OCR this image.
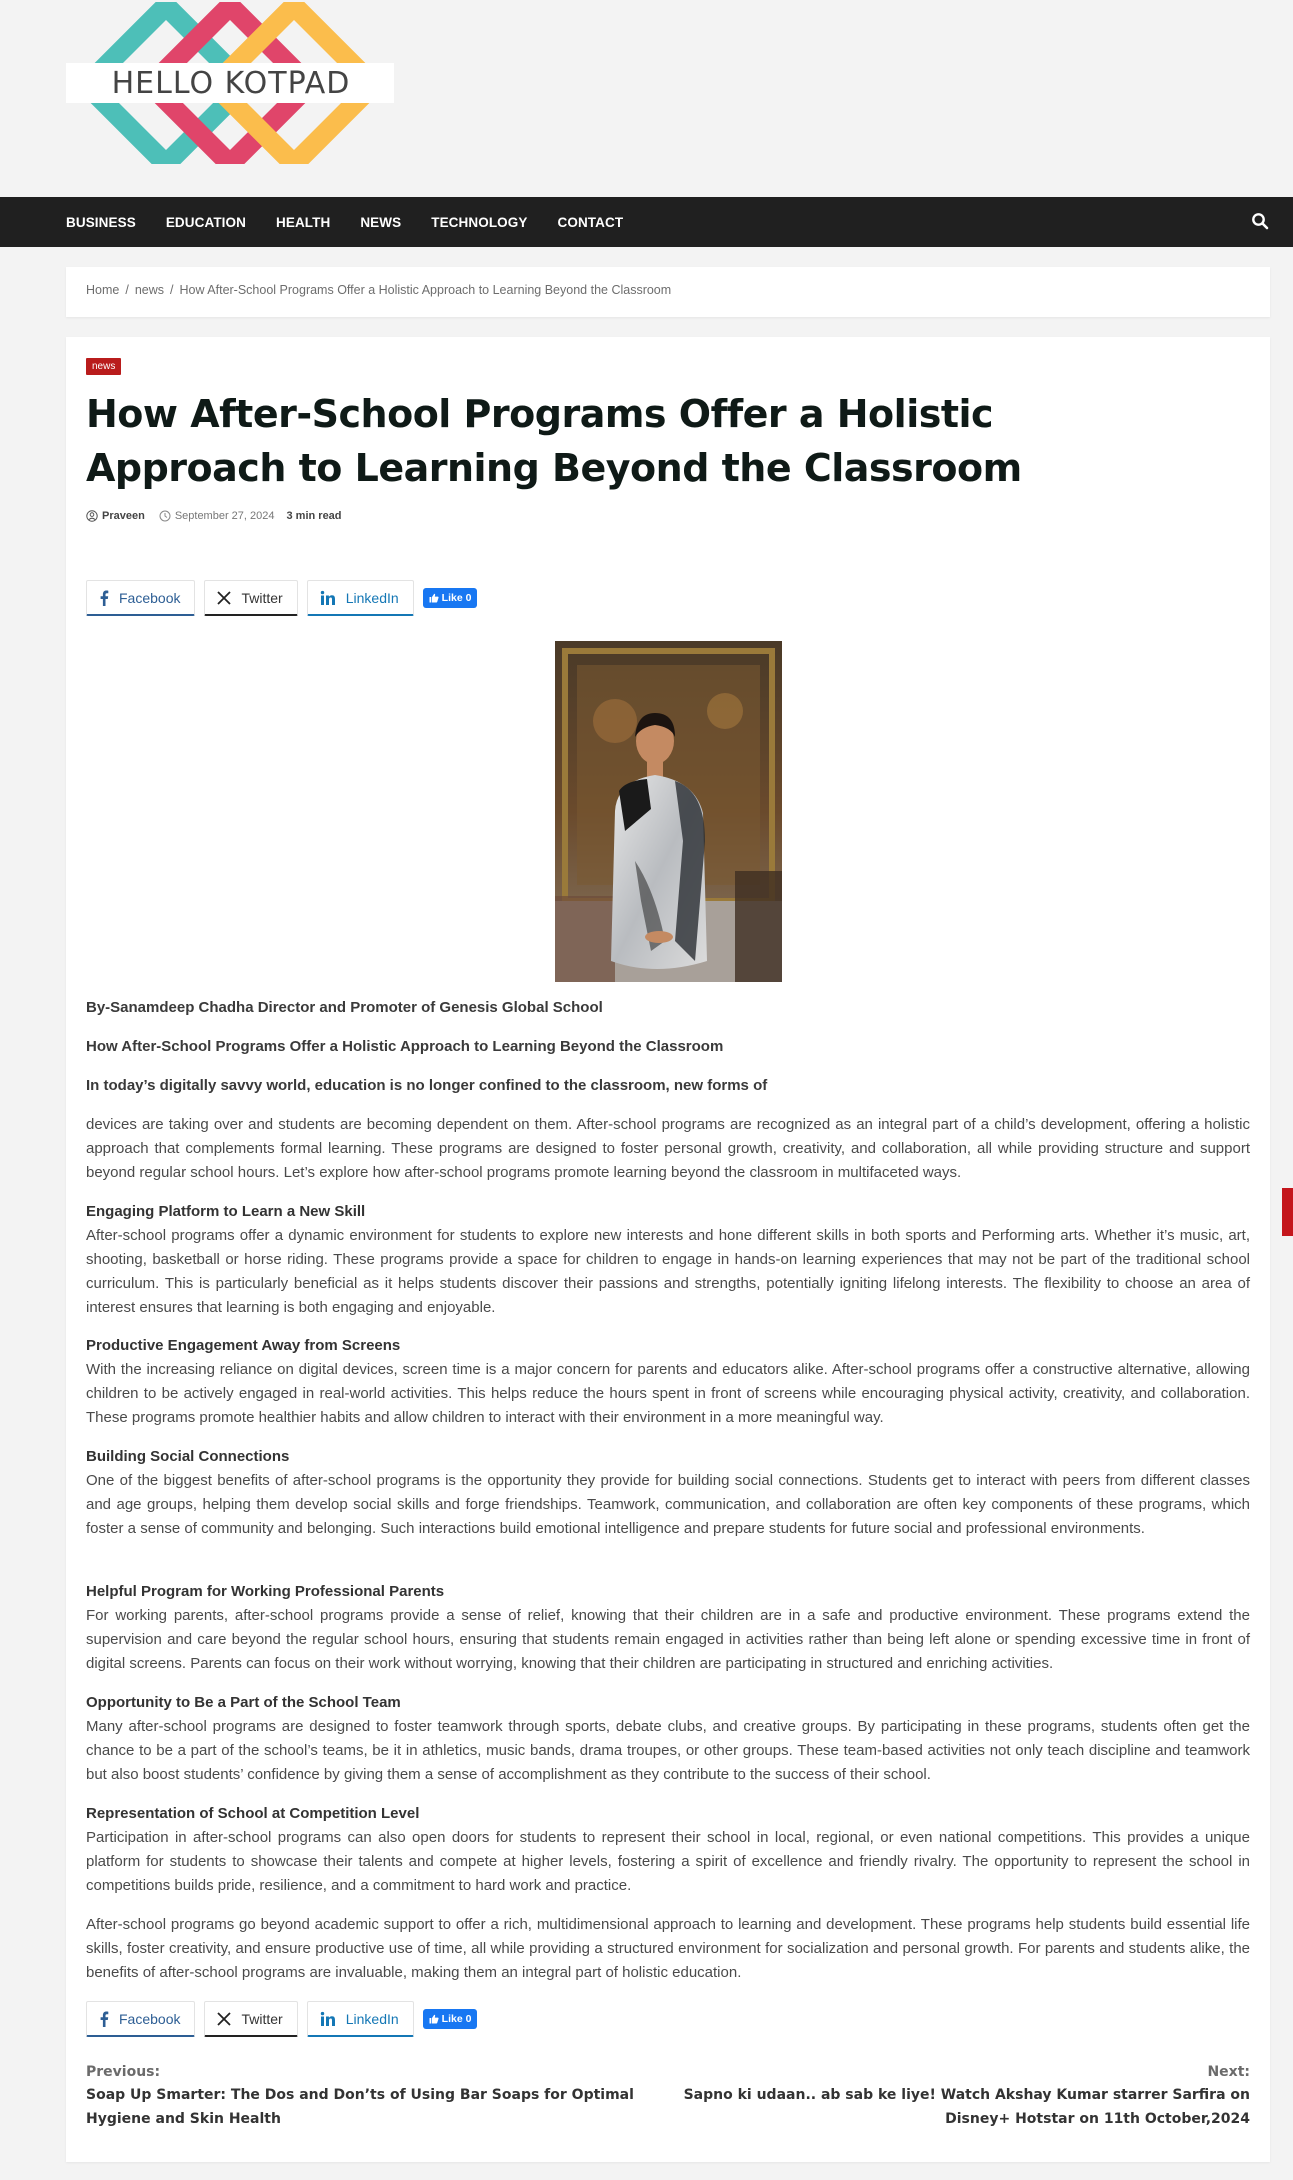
HELLO KOTPAD
BUSINESS EDUCATION HEALTH NEWS TECHNOLOGY CONTACT
Home / news / How After-School Programs Offer a Holistic Approach to Learning Beyond the Classroom
news
How After-School Programs Offer a Holistic Approach to Learning Beyond the Classroom
Praveen	September 27, 2024 3 min read
Facebook	Twitter	LinkedIn	Like 0

By-Sanamdeep Chadha Director and Promoter of Genesis Global School

How After-School Programs Offer a Holistic Approach to Learning Beyond the Classroom

In today’s digitally savvy world, education is no longer confined to the classroom, new forms of

devices are taking over and students are becoming dependent on them. After-school programs are recognized as an integral part of a child’s development, offering a holistic approach that complements formal learning. These programs are designed to foster personal growth, creativity, and collaboration, all while providing structure and support beyond regular school hours. Let’s explore how after-school programs promote learning beyond the classroom in multifaceted ways.

Engaging Platform to Learn a New Skill
After-school programs offer a dynamic environment for students to explore new interests and hone different skills in both sports and Performing arts. Whether it’s music, art, shooting, basketball or horse riding. These programs provide a space for children to engage in hands-on learning experiences that may not be part of the traditional school curriculum. This is particularly beneficial as it helps students discover their passions and strengths, potentially igniting lifelong interests. The flexibility to choose an area of interest ensures that learning is both engaging and enjoyable.
Productive Engagement Away from Screens
With the increasing reliance on digital devices, screen time is a major concern for parents and educators alike. After-school programs offer a constructive alternative, allowing children to be actively engaged in real-world activities. This helps reduce the hours spent in front of screens while encouraging physical activity, creativity, and collaboration. These programs promote healthier habits and allow children to interact with their environment in a more meaningful way.
Building Social Connections
One of the biggest benefits of after-school programs is the opportunity they provide for building social connections. Students get to interact with peers from different classes and age groups, helping them develop social skills and forge friendships. Teamwork, communication, and collaboration are often key components of these programs, which foster a sense of community and belonging. Such interactions build emotional intelligence and prepare students for future social and professional environments.
Helpful Program for Working Professional Parents
For working parents, after-school programs provide a sense of relief, knowing that their children are in a safe and productive environment. These programs extend the supervision and care beyond the regular school hours, ensuring that students remain engaged in activities rather than being left alone or spending excessive time in front of digital screens. Parents can focus on their work without worrying, knowing that their children are participating in structured and enriching activities.
Opportunity to Be a Part of the School Team
Many after-school programs are designed to foster teamwork through sports, debate clubs, and creative groups. By participating in these programs, students often get the chance to be a part of the school’s teams, be it in athletics, music bands, drama troupes, or other groups. These team-based activities not only teach discipline and teamwork but also boost students’ confidence by giving them a sense of accomplishment as they contribute to the success of their school.
Representation of School at Competition Level
Participation in after-school programs can also open doors for students to represent their school in local, regional, or even national competitions. This provides a unique platform for students to showcase their talents and compete at higher levels, fostering a spirit of excellence and friendly rivalry. The opportunity to represent the school in competitions builds pride, resilience, and a commitment to hard work and practice.

After-school programs go beyond academic support to offer a rich, multidimensional approach to learning and development. These programs help students build essential life skills, foster creativity, and ensure productive use of time, all while providing a structured environment for socialization and personal growth. For parents and students alike, the benefits of after-school programs are invaluable, making them an integral part of holistic education.

Facebook	Twitter	LinkedIn	Like 0
Previous:
Soap Up Smarter: The Dos and Don’ts of Using Bar Soaps for Optimal Hygiene and Skin Health
Next:
Sapno ki udaan.. ab sab ke liye! Watch Akshay Kumar starrer Sarfira on Disney+ Hotstar on 11th October,2024
